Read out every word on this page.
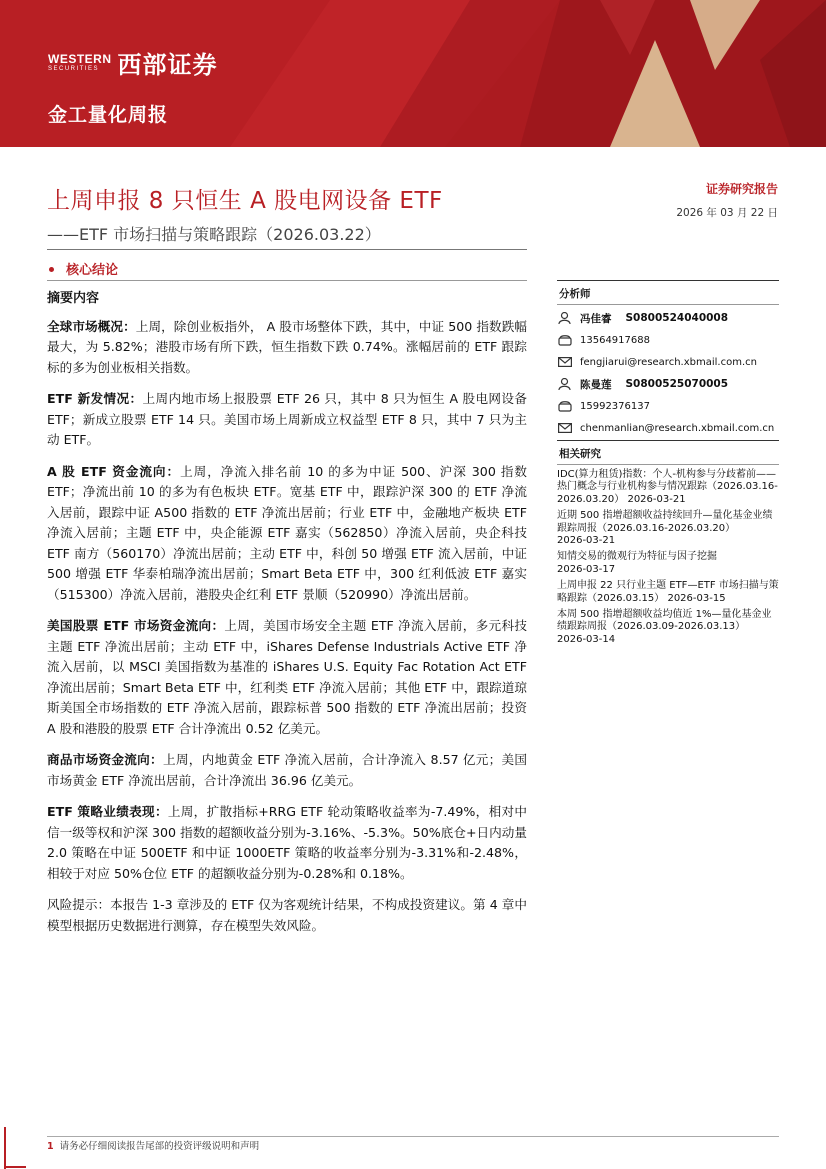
WESTERN
SECURITIES 西部证券
金工量化周报
上周申报 8 只恒生 A 股电网设备 ETF
——ETF 市场扫描与策略跟踪（2026.03.22）
证券研究报告
2026 年 03 月 22 日
核心结论
摘要内容
全球市场概况：上周，除创业板指外， A 股市场整体下跌，其中，中证 500 指数跌幅最大，为 5.82%；港股市场有所下跌，恒生指数下跌 0.74%。涨幅居前的 ETF 跟踪标的多为创业板相关指数。
ETF 新发情况：上周内地市场上报股票 ETF 26 只，其中 8 只为恒生 A 股电网设备 ETF；新成立股票 ETF 14 只。美国市场上周新成立权益型 ETF 8 只，其中 7 只为主动 ETF。
A 股 ETF 资金流向：上周，净流入排名前 10 的多为中证 500、沪深 300 指数 ETF；净流出前 10 的多为有色板块 ETF。宽基 ETF 中，跟踪沪深 300 的 ETF 净流入居前，跟踪中证 A500 指数的 ETF 净流出居前；行业 ETF 中，金融地产板块 ETF 净流入居前；主题 ETF 中，央企能源 ETF 嘉实（562850）净流入居前，央企科技 ETF 南方（560170）净流出居前；主动 ETF 中，科创 50 增强 ETF 流入居前，中证 500 增强 ETF 华泰柏瑞净流出居前；Smart Beta ETF 中，300 红利低波 ETF 嘉实（515300）净流入居前，港股央企红利 ETF 景顺（520990）净流出居前。
美国股票 ETF 市场资金流向：上周，美国市场安全主题 ETF 净流入居前，多元科技主题 ETF 净流出居前；主动 ETF 中，iShares Defense Industrials Active ETF 净流入居前，以 MSCI 美国指数为基准的 iShares U.S. Equity Fac Rotation Act ETF 净流出居前；Smart Beta ETF 中，红利类 ETF 净流入居前；其他 ETF 中，跟踪道琼斯美国全市场指数的 ETF 净流入居前，跟踪标普 500 指数的 ETF 净流出居前；投资 A 股和港股的股票 ETF 合计净流出 0.52 亿美元。
商品市场资金流向：上周，内地黄金 ETF 净流入居前，合计净流入 8.57 亿元；美国市场黄金 ETF 净流出居前，合计净流出 36.96 亿美元。
ETF 策略业绩表现：上周，扩散指标+RRG ETF 轮动策略收益率为-7.49%，相对中信一级等权和沪深 300 指数的超额收益分别为-3.16%、-5.3%。50%底仓+日内动量 2.0 策略在中证 500ETF 和中证 1000ETF 策略的收益率分别为-3.31%和-2.48%，相较于对应 50%仓位 ETF 的超额收益分别为-0.28%和 0.18%。
风险提示：本报告 1-3 章涉及的 ETF 仅为客观统计结果，不构成投资建议。第 4 章中模型根据历史数据进行测算，存在模型失效风险。
分析师
冯佳睿 S0800524040008
13564917688
fengjiarui@research.xbmail.com.cn
陈曼莲 S0800525070005
15992376137
chenmanlian@research.xbmail.com.cn
相关研究
IDC(算力租赁)指数：个人-机构参与分歧蓄前——热门概念与行业机构参与情况跟踪（2026.03.16-2026.03.20） 2026-03-21
近期 500 指增超额收益持续回升—量化基金业绩跟踪周报（2026.03.16-2026.03.20）
2026-03-21
知情交易的微观行为特征与因子挖掘
2026-03-17
上周申报 22 只行业主题 ETF—ETF 市场扫描与策略跟踪（2026.03.15） 2026-03-15
本周 500 指增超额收益均值近 1%—量化基金业绩跟踪周报（2026.03.09-2026.03.13）
2026-03-14
1 请务必仔细阅读报告尾部的投资评级说明和声明
